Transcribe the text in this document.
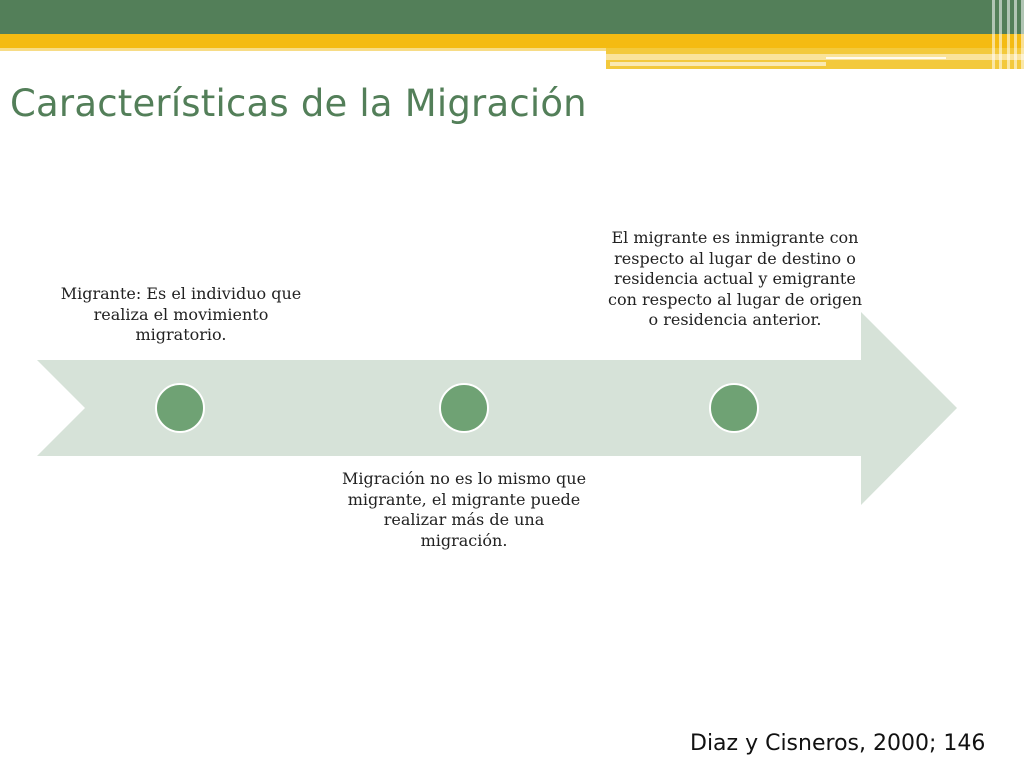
Características de la Migración
Migrante: Es el individuo que realiza el movimiento migratorio.
Migración no es lo mismo que migrante, el migrante puede realizar más de una migración.
El migrante es inmigrante con respecto al lugar de destino o residencia actual y emigrante con respecto al lugar de origen o residencia anterior.
Diaz y Cisneros, 2000; 146
